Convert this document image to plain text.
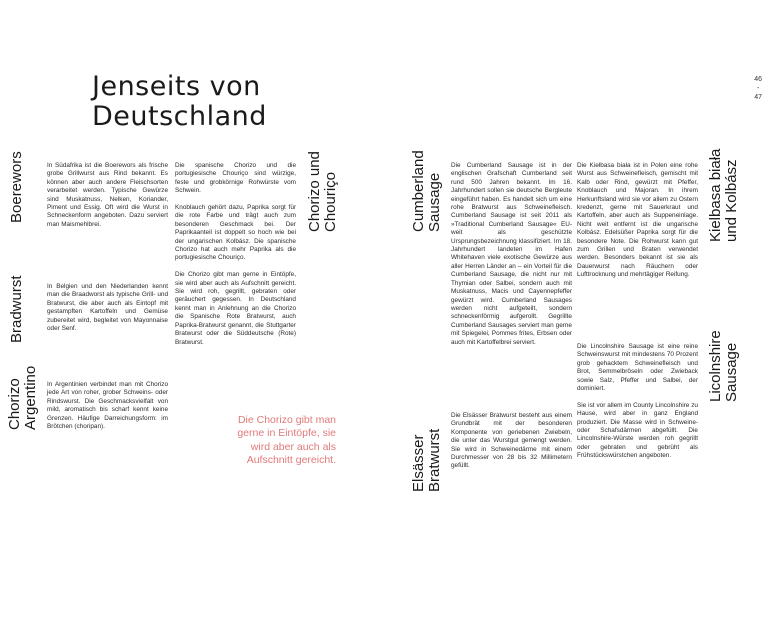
Jenseits von
Deutschland
46
-
47
Boerewors
Bradwurst
Chorizo Argentino
Chorizo und Chouriço	Cumberland Sausage
Elsässer Bratwurst
Kielbasa biała und Kolbász
Licolnshire Sausage

In Südafrika ist die Boerewors als frische grobe Grillwurst aus Rind bekannt. Es können aber auch andere Fleischsorten verarbeitet werden. Typische Gewürze sind Muskatnuss, Nelken, Koriander, Piment und Essig. Oft wird die Wurst in Schneckenform angeboten. Dazu serviert man Maismehlbrei.

In Belgien und den Niederlanden kennt man die Braadworst als typische Grill- und Bratwurst, die aber auch als Eintopf mit gestampften Kartoffeln und Gemüse zubereitet wird, begleitet von Mayonnaise oder Senf.

In Argentinien verbindet man mit Chorizo jede Art von roher, grober Schweins- oder Rindswurst. Die Geschmacksvielfalt von mild, aromatisch bis scharf kennt keine Grenzen. Häufige Darreichungsform: im Brötchen (choripan).

Die spanische Chorizo und die portugiesische Chouriço sind würzige, feste und grobkörnige Rohwürste vom Schwein.

Knoblauch gehört dazu, Paprika sorgt für die rote Farbe und trägt auch zum besonderen Geschmack bei. Der Paprikaanteil ist doppelt so hoch wie bei der ungarischen Kolbász. Die spanische Chorizo hat auch mehr Paprika als die portugiesische Chouriço.

Die Chorizo gibt man gerne in Eintöpfe, sie wird aber auch als Aufschnitt gereicht. Sie wird roh, gegrillt, gebraten oder geräuchert gegessen. In Deutschland kennt man in Anlehnung an die Chorizo die Spanische Rote Bratwurst, auch Paprika-Bratwurst genannt, die Stuttgarter Bratwurst oder die Süddeutsche (Rote) Bratwurst.

Die Chorizo gibt man gerne in Eintöpfe, sie wird aber auch als Aufschnitt gereicht.

Die Cumberland Sausage ist in der englischen Grafschaft Cumberland seit rund 500 Jahren bekannt. Im 16. Jahrhundert sollen sie deutsche Bergleute eingeführt haben. Es handelt sich um eine rohe Bratwurst aus Schweinefleisch. Cumberland Sausage ist seit 2011 als »Traditional Cumberland Sausage« EU-weit als geschützte Ursprungsbezeichnung klassifiziert. Im 18. Jahrhundert landeten im Hafen Whitehaven viele exotische Gewürze aus aller Herren Länder an – ein Vorteil für die Cumberland Sausage, die nicht nur mit Thymian oder Salbei, sondern auch mit Muskatnuss, Macis und Cayennepfeffer gewürzt wird. Cumberland Sausages werden nicht aufgeteilt, sondern schneckenförmig aufgerollt. Gegrillte Cumberland Sausages serviert man gerne mit Spiegelei, Pommes frites, Erbsen oder auch mit Kartoffelbrei serviert.

Die Elsässer Bratwurst besteht aus einem Grundbrät mit der besonderen Komponente von geriebenen Zwiebeln, die unter das Wurstgut gemengt werden. Sie wird in Schweinedärme mit einem Durchmesser von 28 bis 32 Millimetern gefüllt.

Die Kiełbasa biała ist in Polen eine rohe Wurst aus Schweinefleisch, gemischt mit Kalb oder Rind, gewürzt mit Pfeffer, Knoblauch und Majoran. In ihrem Herkunftsland wird sie vor allem zu Ostern kredenzt, gerne mit Sauerkraut und Kartoffeln, aber auch als Suppeneinlage. Nicht weit entfernt ist die ungarische Kolbász. Edelsüßer Paprika sorgt für die besondere Note. Die Rohwurst kann gut zum Grillen und Braten verwendet werden. Besonders bekannt ist sie als Dauerwurst nach Räuchern oder Lufttrocknung und mehrtägiger Reifung.

Die Lincolnshire Sausage ist eine reine Schweinswurst mit mindestens 70 Prozent grob gehacktem Schweinefleisch und Brot, Semmelbröseln oder Zwieback sowie Salz, Pfeffer und Salbei, der dominiert.

Sie ist vor allem im County Lincolnshire zu Hause, wird aber in ganz England produziert. Die Masse wird in Schweine- oder Schafsdärmen abgefüllt. Die Lincolnshire-Würste werden roh gegrillt oder gebraten und gebrüht als Frühstückswürstchen angeboten.
